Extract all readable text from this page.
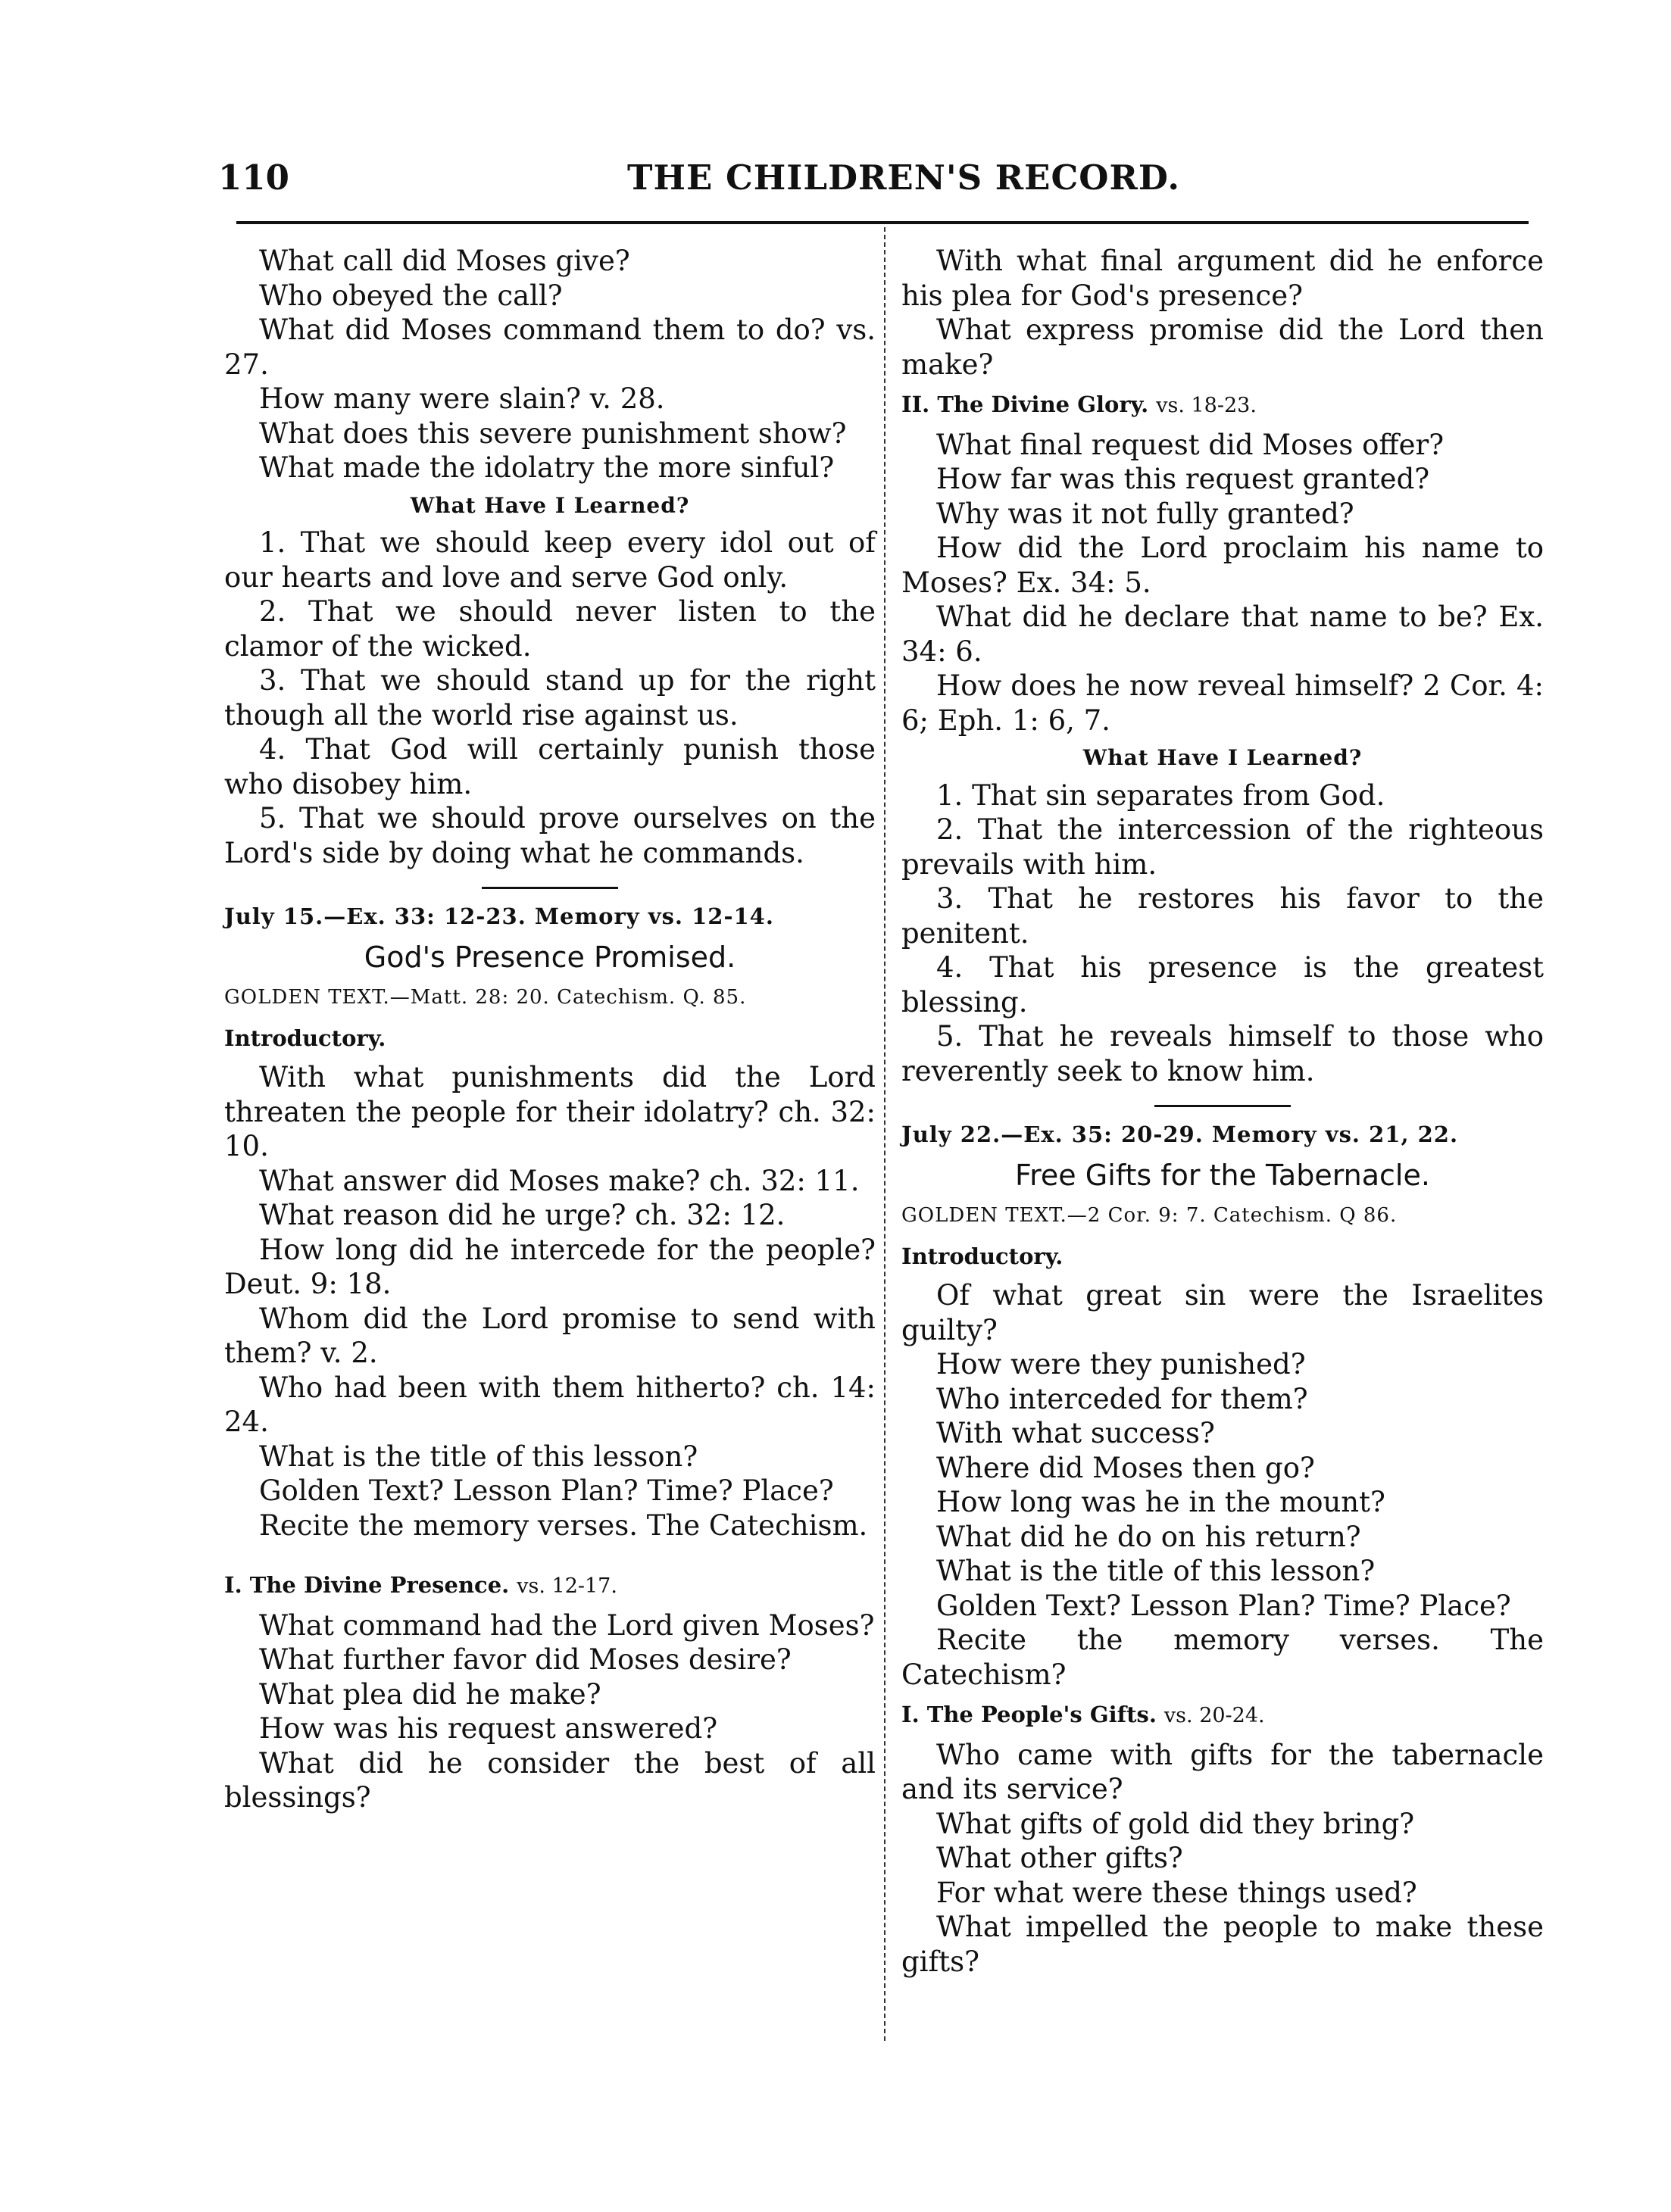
110	THE CHILDREN'S RECORD.

What call did Moses give?

Who obeyed the call?

What did Moses command them to do? vs. 27.

How many were slain? v. 28.

What does this severe punishment show?

What made the idolatry the more sinful?

What Have I Learned?

1. That we should keep every idol out of our hearts and love and serve God only.

2. That we should never listen to the clamor of the wicked.

3. That we should stand up for the right though all the world rise against us.

4. That God will certainly punish those who disobey him.

5. That we should prove ourselves on the Lord's side by doing what he commands.

July 15.—Ex. 33: 12-23. Memory vs. 12-14.
God's Presence Promised.
GOLDEN TEXT.—Matt. 28: 20. Catechism. Q. 85.
Introductory.

With what punishments did the Lord threaten the people for their idolatry? ch. 32: 10.

What answer did Moses make? ch. 32: 11.

What reason did he urge? ch. 32: 12.

How long did he intercede for the people? Deut. 9: 18.

Whom did the Lord promise to send with them? v. 2.

Who had been with them hitherto? ch. 14: 24.

What is the title of this lesson?

Golden Text? Lesson Plan? Time? Place?

Recite the memory verses. The Catechism.

I. The Divine Presence. vs. 12-17.

What command had the Lord given Moses?

What further favor did Moses desire?

What plea did he make?

How was his request answered?

What did he consider the best of all blessings?

With what final argument did he enforce his plea for God's presence?

What express promise did the Lord then make?

II. The Divine Glory. vs. 18-23.

What final request did Moses offer?

How far was this request granted?

Why was it not fully granted?

How did the Lord proclaim his name to Moses? Ex. 34: 5.

What did he declare that name to be? Ex. 34: 6.

How does he now reveal himself? 2 Cor. 4: 6; Eph. 1: 6, 7.

What Have I Learned?

1. That sin separates from God.

2. That the intercession of the righteous prevails with him.

3. That he restores his favor to the penitent.

4. That his presence is the greatest blessing.

5. That he reveals himself to those who reverently seek to know him.

July 22.—Ex. 35: 20-29. Memory vs. 21, 22.
Free Gifts for the Tabernacle.
GOLDEN TEXT.—2 Cor. 9: 7. Catechism. Q 86.
Introductory.

Of what great sin were the Israelites guilty?

How were they punished?

Who interceded for them?

With what success?

Where did Moses then go?

How long was he in the mount?

What did he do on his return?

What is the title of this lesson?

Golden Text? Lesson Plan? Time? Place?

Recite the memory verses. The Catechism?

I. The People's Gifts. vs. 20-24.

Who came with gifts for the tabernacle and its service?

What gifts of gold did they bring?

What other gifts?

For what were these things used?

What impelled the people to make these gifts?
